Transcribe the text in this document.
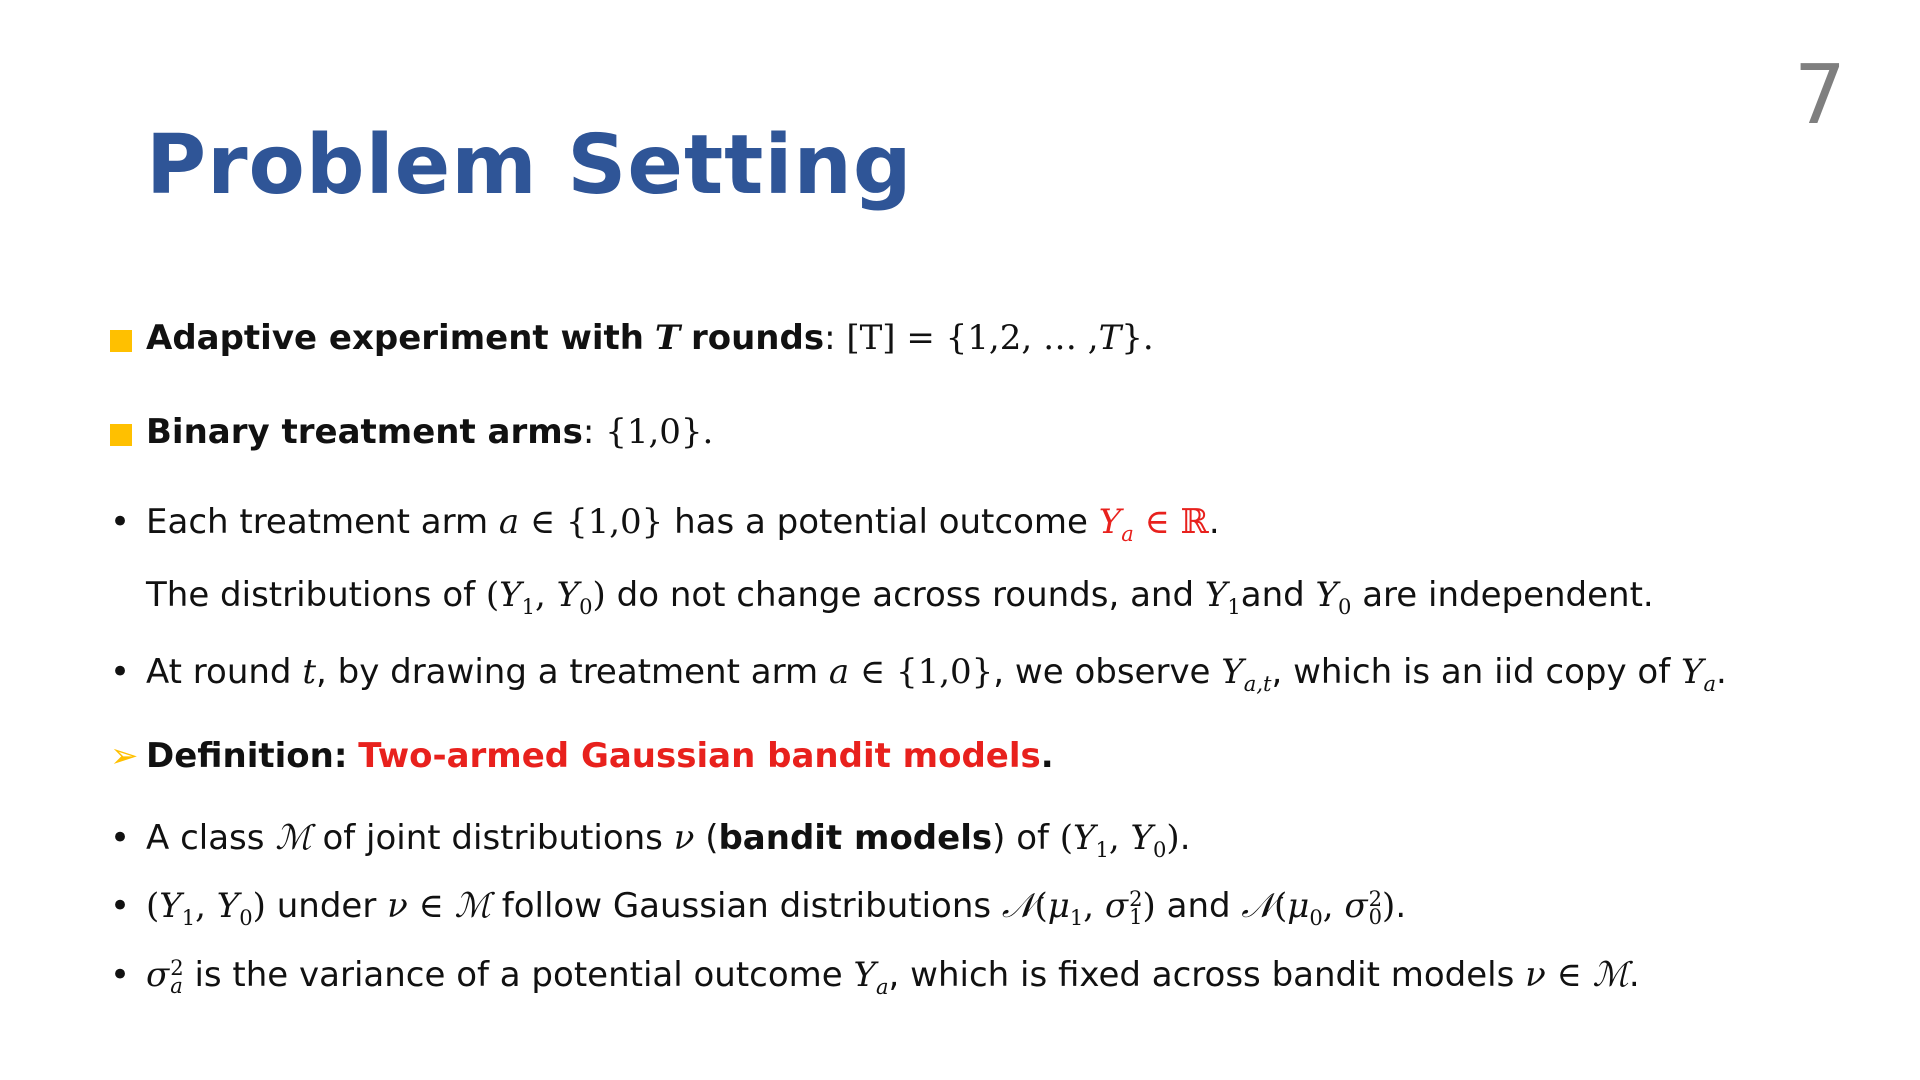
7
Problem Setting
Adaptive experiment with T rounds: [T] = {1,2, … ,T}.
Binary treatment arms: {1,0}.
• Each treatment arm a ∈ {1,0} has a potential outcome $Y_a$ ∈ ℝ.
The distributions of ($Y_1$, $Y_0$) do not change across rounds, and $Y_1and$ $Y_0$ are independent.
• At round t, by drawing a treatment arm a ∈ {1,0}, we observe $Y_{a,t}$, which is an iid copy of $Y_a$.
➢ Definition: Two-armed Gaussian bandit models.
• A class ℳ of joint distributions ν (bandit models) of ($Y_1$, $Y_0$).
• ($Y_1$, $Y_0$) under ν ∈ ℳ follow Gaussian distributions $𝒩(\mu_1$, σ 2
1 ) and $𝒩(\mu_0$, σ 2
0 ).
• σ 2
a is the variance of a potential outcome $Y_a$, which is fixed across bandit models ν ∈ ℳ.
